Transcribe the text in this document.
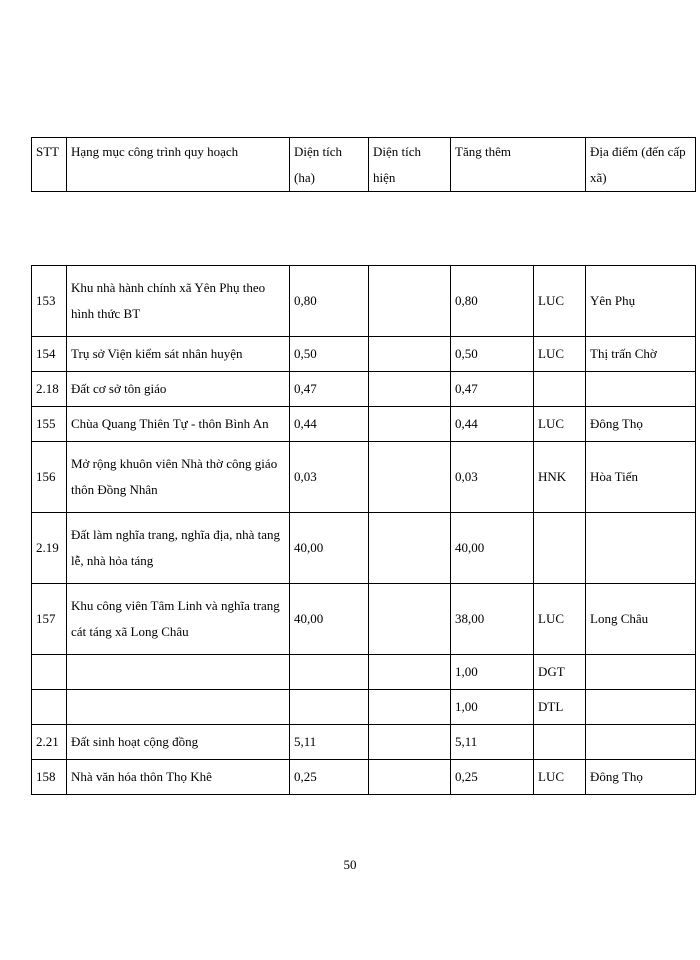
STT	Hạng mục công trình quy hoạch	Diện tích (ha)	Diện tích hiện	Tăng thêm	Địa điểm (đến cấp xã)
153	Khu nhà hành chính xã Yên Phụ theo hình thức BT	0,80		0,80	LUC	Yên Phụ
154	Trụ sở Viện kiểm sát nhân huyện	0,50		0,50	LUC	Thị trấn Chờ
2.18	Đất cơ sở tôn giáo	0,47		0,47		
155	Chùa Quang Thiên Tự - thôn Bình An	0,44		0,44	LUC	Đông Thọ
156	Mở rộng khuôn viên Nhà thờ công giáo thôn Đồng Nhân	0,03		0,03	HNK	Hòa Tiến
2.19	Đất làm nghĩa trang, nghĩa địa, nhà tang lễ, nhà hỏa táng	40,00		40,00		
157	Khu công viên Tâm Linh và nghĩa trang cát táng xã Long Châu	40,00		38,00	LUC	Long Châu
				1,00	DGT	
				1,00	DTL	
2.21	Đất sinh hoạt cộng đồng	5,11		5,11		
158	Nhà văn hóa thôn Thọ Khê	0,25		0,25	LUC	Đông Thọ
50
